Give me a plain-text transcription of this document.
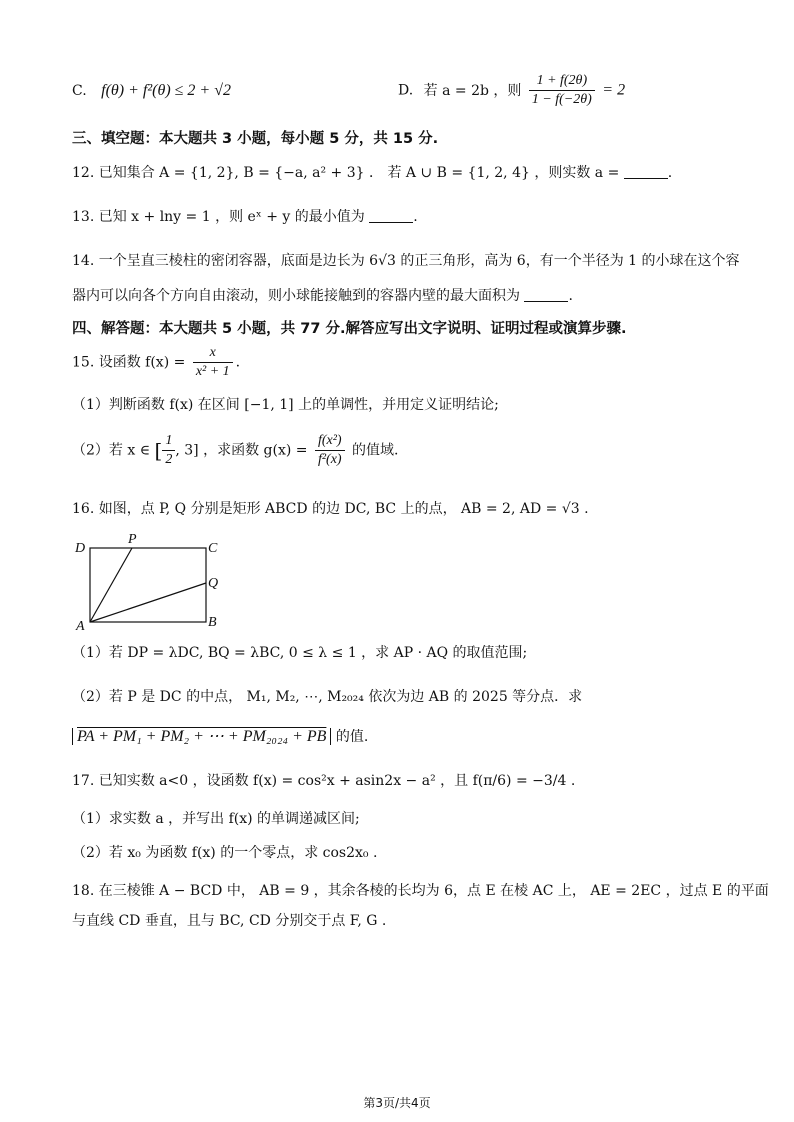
C. f(θ) + f²(θ) ≤ 2 + √2	D. 若 a = 2b ，则 $\frac{1 + f(2\theta)}{1 - f(-2\theta)} = 2$
三、填空题：本大题共 3 小题，每小题 5 分，共 15 分.
12. 已知集合 A = {1, 2}, B = {−a, a² + 3} ． 若 A ∪ B = {1, 2, 4} ，则实数 a =	.
13. 已知 x + lny = 1 ，则 eˣ + y 的最小值为	.
14. 一个呈直三棱柱的密闭容器，底面是边长为 6√3 的正三角形，高为 6，有一个半径为 1 的小球在这个容
器内可以向各个方向自由滚动，则小球能接触到的容器内壁的最大面积为	.
四、解答题：本大题共 5 小题，共 77 分.解答应写出文字说明、证明过程或演算步骤.
15. 设函数 $f(x) = \frac{x}{\text{x² + 1}}$ .
（1）判断函数 f(x) 在区间 [−1, 1] 上的单调性，并用定义证明结论;
（2）若 x ∈ [ $\frac{1}{2}$ , 3] ，求函数 $g(x) = \frac{\text{f(x²)}}{\text{f²(x)}}$ 的值域.
16. 如图，点 P, Q 分别是矩形 ABCD 的边 DC, BC 上的点， AB = 2, AD = √3 .
D
P
C
Q
A	B
（1）若 DP = λDC, BQ = λBC, 0 ≤ λ ≤ 1 ，求 AP · AQ 的取值范围;
（2）若 P 是 DC 的中点， M₁, M₂, ⋯, M₂₀₂₄ 依次为边 AB 的 2025 等分点．求
PA + PM₁ + PM₂ + ⋯ + PM₂₀₂₄ + PB 的值.
17. 已知实数 a<0 ，设函数 f(x) = cos²x + asin2x − a² ，且 f(π/6) = −3/4 .
（1）求实数 a ，并写出 f(x) 的单调递减区间;
（2）若 x₀ 为函数 f(x) 的一个零点，求 cos2x₀ .
18. 在三棱锥 A − BCD 中， AB = 9 ，其余各棱的长均为 6，点 E 在棱 AC 上， AE = 2EC ，过点 E 的平面
与直线 CD 垂直，且与 BC, CD 分别交于点 F, G .
第3页/共4页
